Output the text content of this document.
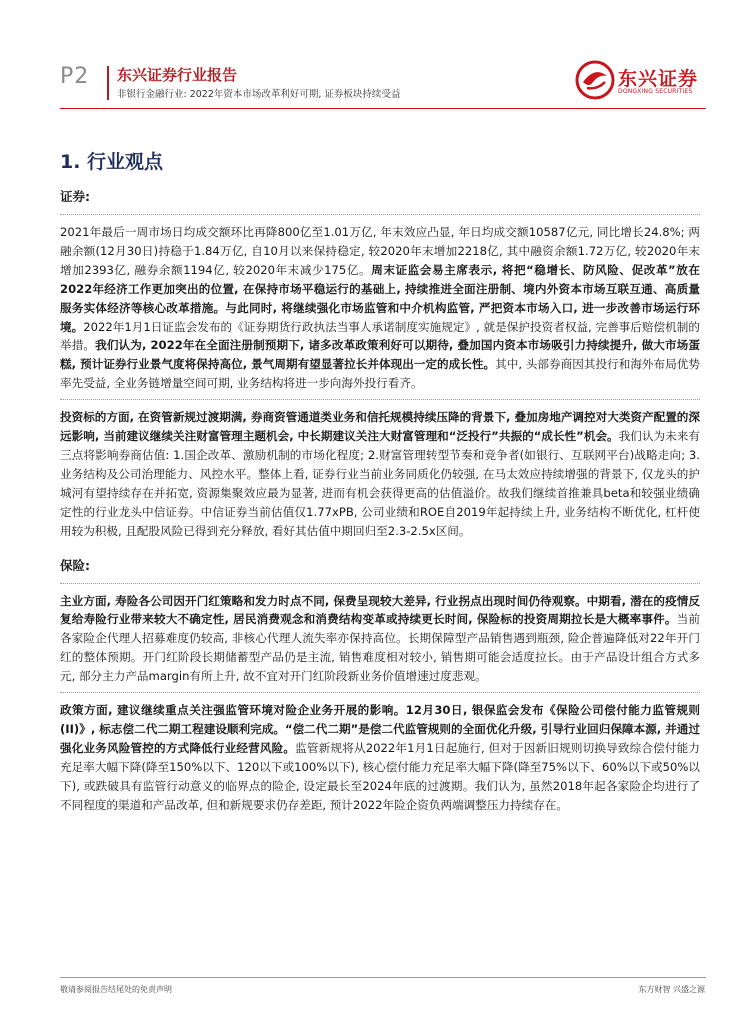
P2 东兴证券行业报告
非银行金融行业: 2022年资本市场改革利好可期, 证券板块持续受益
东兴证券
DONGXING SECURITIES
1. 行业观点

证券:

2021年最后一周市场日均成交额环比再降800亿至1.01万亿, 年末效应凸显, 年日均成交额10587亿元, 同比增长24.8%; 两融余额(12月30日)持稳于1.84万亿, 自10月以来保持稳定, 较2020年末增加2218亿, 其中融资余额1.72万亿, 较2020年末增加2393亿, 融券余额1194亿, 较2020年末减少175亿。周末证监会易主席表示, 将把“稳增长、防风险、促改革”放在2022年经济工作更加突出的位置, 在保持市场平稳运行的基础上, 持续推进全面注册制、境内外资本市场互联互通、高质量服务实体经济等核心改革措施。与此同时, 将继续强化市场监管和中介机构监管, 严把资本市场入口, 进一步改善市场运行环境。2022年1月1日证监会发布的《证券期货行政执法当事人承诺制度实施规定》, 就是保护投资者权益, 完善事后赔偿机制的举措。我们认为, 2022年在全面注册制预期下, 诸多改革政策利好可以期待, 叠加国内资本市场吸引力持续提升, 做大市场蛋糕, 预计证券行业景气度将保持高位, 景气周期有望显著拉长并体现出一定的成长性。其中, 头部券商因其投行和海外布局优势率先受益, 全业务链增量空间可期, 业务结构将进一步向海外投行看齐。

投资标的方面, 在资管新规过渡期满, 券商资管通道类业务和信托规模持续压降的背景下, 叠加房地产调控对大类资产配置的深远影响, 当前建议继续关注财富管理主题机会, 中长期建议关注大财富管理和“泛投行”共振的“成长性”机会。我们认为未来有三点将影响券商估值: 1.国企改革、激励机制的市场化程度; 2.财富管理转型节奏和竞争者(如银行、互联网平台)战略走向; 3.业务结构及公司治理能力、风控水平。整体上看, 证券行业当前业务同质化仍较强, 在马太效应持续增强的背景下, 仅龙头的护城河有望持续存在并拓宽, 资源集聚效应最为显著, 进而有机会获得更高的估值溢价。故我们继续首推兼具beta和较强业绩确定性的行业龙头中信证券。中信证券当前估值仅1.77xPB, 公司业绩和ROE自2019年起持续上升, 业务结构不断优化, 杠杆使用较为积极, 且配股风险已得到充分释放, 看好其估值中期回归至2.3-2.5x区间。

保险:

主业方面, 寿险各公司因开门红策略和发力时点不同, 保费呈现较大差异, 行业拐点出现时间仍待观察。中期看, 潜在的疫情反复给寿险行业带来较大不确定性, 居民消费观念和消费结构变革或持续更长时间, 保险标的投资周期拉长是大概率事件。当前各家险企代理人招募难度仍较高, 非核心代理人流失率亦保持高位。长期保障型产品销售遇到瓶颈, 险企普遍降低对22年开门红的整体预期。开门红阶段长期储蓄型产品仍是主流, 销售难度相对较小, 销售期可能会适度拉长。由于产品设计组合方式多元, 部分主力产品margin有所上升, 故不宜对开门红阶段新业务价值增速过度悲观。

政策方面, 建议继续重点关注强监管环境对险企业务开展的影响。12月30日, 银保监会发布《保险公司偿付能力监管规则(II)》, 标志偿二代二期工程建设顺利完成。“偿二代二期”是偿二代监管规则的全面优化升级, 引导行业回归保障本源, 并通过强化业务风险管控的方式降低行业经营风险。监管新规将从2022年1月1日起施行, 但对于因新旧规则切换导致综合偿付能力充足率大幅下降(降至150%以下、120以下或100%以下), 核心偿付能力充足率大幅下降(降至75%以下、60%以下或50%以下), 或跌破具有监管行动意义的临界点的险企, 设定最长至2024年底的过渡期。我们认为, 虽然2018年起各家险企均进行了不同程度的渠道和产品改革, 但和新规要求仍存差距, 预计2022年险企资负两端调整压力持续存在。

敬请参阅报告结尾处的免责声明	东方财智 兴盛之源
